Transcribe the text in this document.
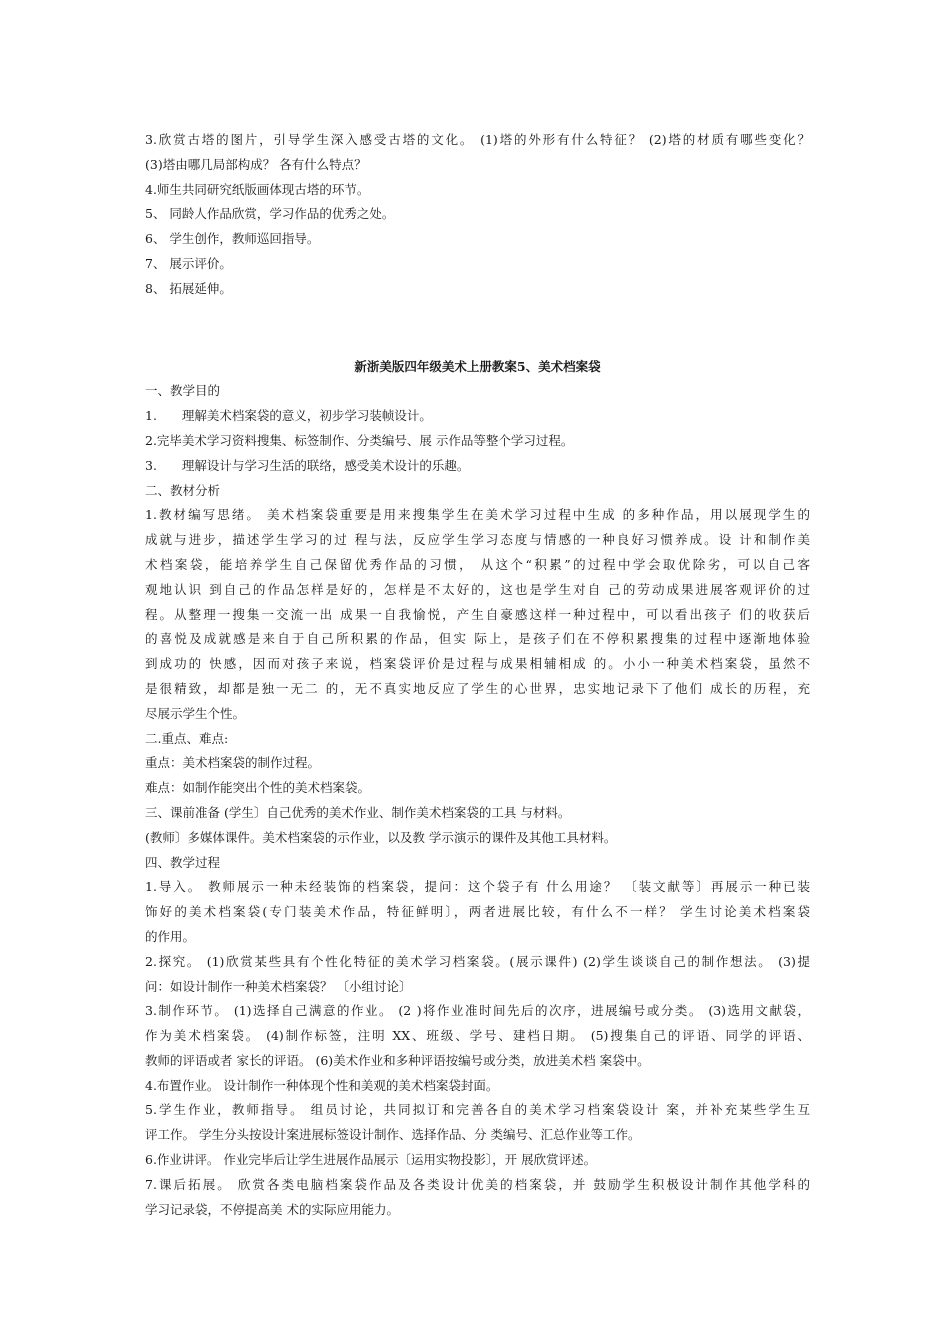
3.欣赏古塔的图片，引导学生深入感受古塔的文化。 (1)塔的外形有什么特征？ (2)塔的材质有哪些变化？
(3)塔由哪几局部构成？ 各有什么特点？
4.师生共同研究纸版画体现古塔的环节。
5、 同龄人作品欣赏，学习作品的优秀之处。
6、 学生创作，教师巡回指导。
7、 展示评价。
8、 拓展延伸。
新浙美版四年级美术上册教案5、美术档案袋
一、教学目的
1.　　理解美术档案袋的意义，初步学习装帧设计。
2.完毕美术学习资料搜集、标签制作、分类编号、展 示作品等整个学习过程。
3.　　理解设计与学习生活的联络，感受美术设计的乐趣。
二、教材分析
1.教材编写思绪。 美术档案袋重要是用来搜集学生在美术学习过程中生成 的多种作品，用以展现学生的
成就与进步，描述学生学习的过 程与法，反应学生学习态度与情感的一种良好习惯养成。设 计和制作美
术档案袋，能培养学生自己保留优秀作品的习惯， 从这个“积累”的过程中学会取优除劣，可以自己客
观地认识 到自己的作品怎样是好的，怎样是不太好的，这也是学生对自 己的劳动成果进展客观评价的过
程。从整理一搜集一交流一出 成果一自我愉悦，产生自豪感这样一种过程中，可以看出孩子 们的收获后
的喜悦及成就感是来自于自己所积累的作品，但实 际上，是孩子们在不停积累搜集的过程中逐渐地体验
到成功的 快感，因而对孩子来说，档案袋评价是过程与成果相辅相成 的。小小一种美术档案袋，虽然不
是很精致，却都是独一无二 的，无不真实地反应了学生的心世界，忠实地记录下了他们 成长的历程，充
尽展示学生个性。
二.重点、难点:
重点：美术档案袋的制作过程。
难点：如制作能突出个性的美术档案袋。
三、课前准备 (学生〕自己优秀的美术作业、制作美术档案袋的工具 与材料。
(教师〕多媒体课件。美术档案袋的示作业，以及教 学示演示的课件及其他工具材料。
四、教学过程
1.导入。 教师展示一种未经装饰的档案袋，提问：这个袋子有 什么用途？ 〔装文献等〕再展示一种已装
饰好的美术档案袋(专门装美术作品，特征鲜明〕，两者进展比较，有什么不一样？ 学生讨论美术档案袋
的作用。
2.探究。 (1)欣赏某些具有个性化特征的美术学习档案袋。(展示课件) (2)学生谈谈自己的制作想法。 (3)提
问：如设计制作一种美术档案袋？ 〔小组讨论〕
3.制作环节。 (1)选择自己满意的作业。 (2 )将作业准时间先后的次序，进展编号或分类。 (3)选用文献袋，
作为美术档案袋。 (4)制作标签，注明 XX、班级、学号、建档日期。 (5)搜集自己的评语、同学的评语、
教师的评语或者 家长的评语。 (6)美术作业和多种评语按编号或分类，放进美术档 案袋中。
4.布置作业。 设计制作一种体现个性和美观的美术档案袋封面。
5.学生作业，教师指导。 组员讨论，共同拟订和完善各自的美术学习档案袋设计 案，并补充某些学生互
评工作。 学生分头按设计案进展标签设计制作、选择作品、分 类编号、汇总作业等工作。
6.作业讲评。 作业完毕后让学生进展作品展示〔运用实物投影〕，开 展欣赏评述。
7.课后拓展。 欣赏各类电脑档案袋作品及各类设计优美的档案袋，并 鼓励学生积极设计制作其他学科的
学习记录袋，不停提高美 术的实际应用能力。
